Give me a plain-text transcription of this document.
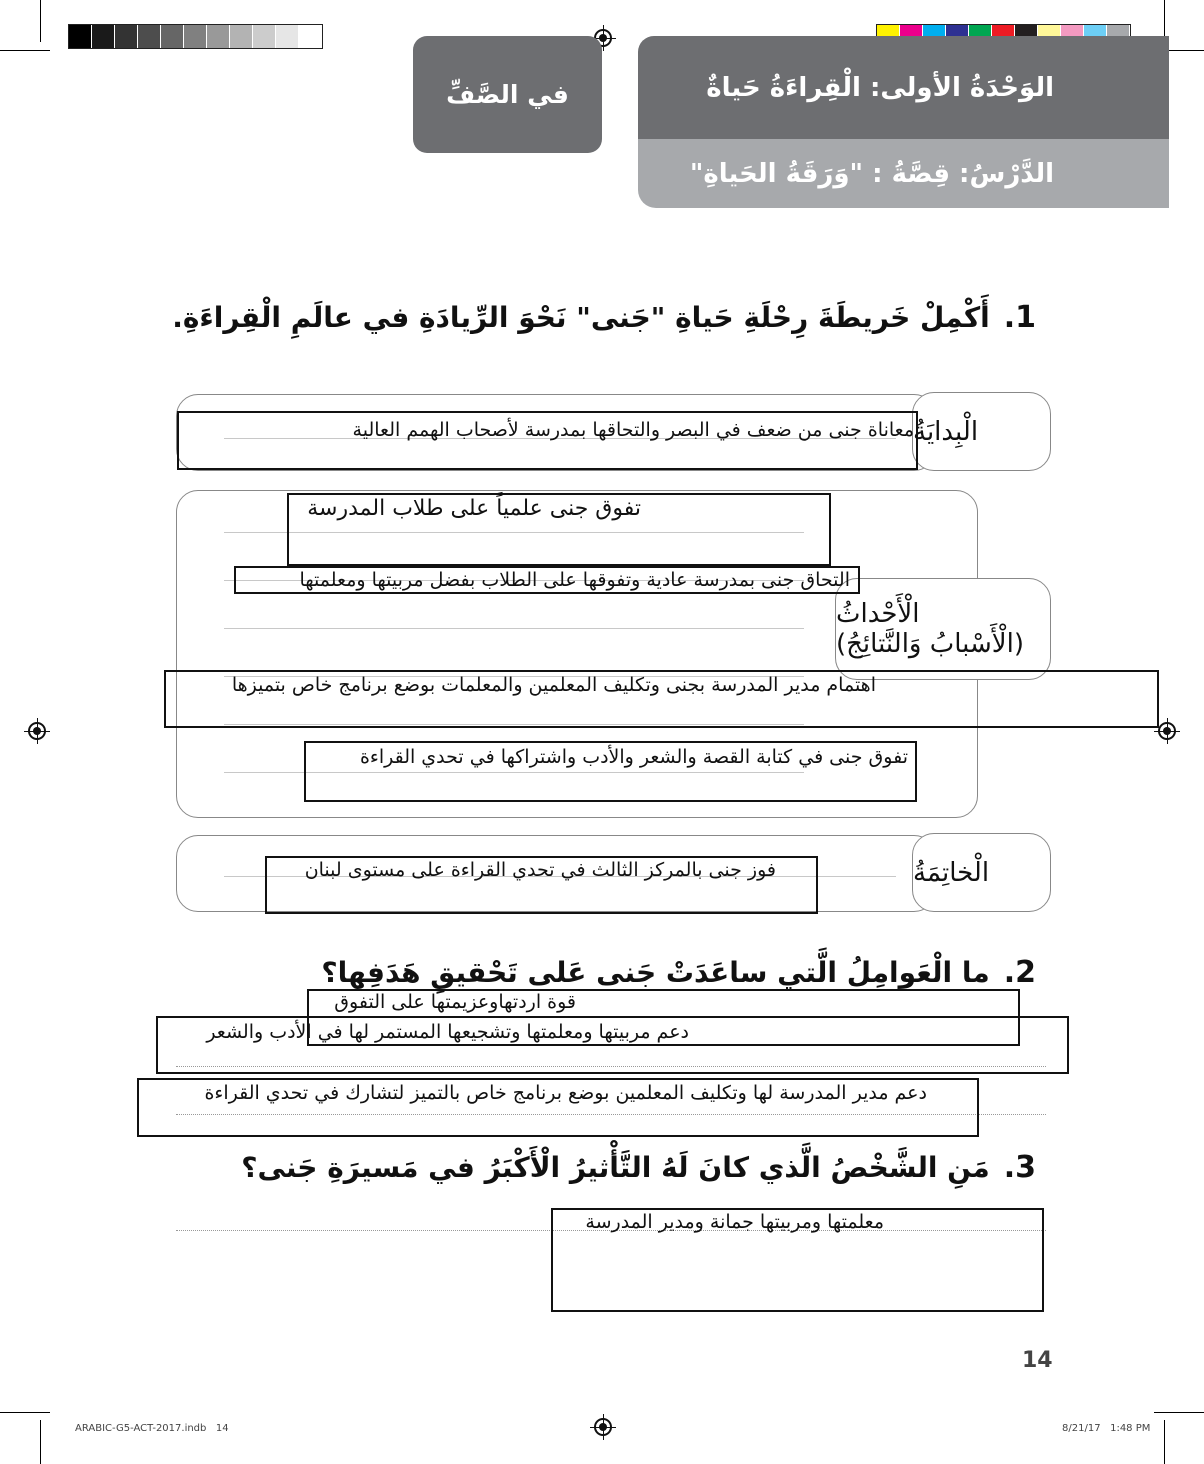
في الصَّفِّ	الوَحْدَةُ الأولى: الْقِراءَةُ حَياةٌ
الدَّرْسُ: قِصَّةُ : "وَرَقَةُ الحَياةِ"
1.
أَكْمِلْ خَريطَةَ رِحْلَةِ حَياةِ "جَنى" نَحْوَ الرِّيادَةِ في عالَمِ الْقِراءَةِ.
الْبِدايَةُ
معاناة جنى من ضعف في البصر والتحاقها بمدرسة لأصحاب الهمم العالية
الْأَحْداثُ
(الْأَسْبابُ وَالنَّتائِجُ)
تفوق جنى علمياً على طلاب المدرسة
التحاق جنى بمدرسة عادية وتفوقها على الطلاب بفضل مربيتها ومعلمتها
اهتمام مدير المدرسة بجنى وتكليف المعلمين والمعلمات بوضع برنامج خاص بتميزها
تفوق جنى في كتابة القصة والشعر والأدب واشتراكها في تحدي القراءة
الْخاتِمَةُ
فوز جنى بالمركز الثالث في تحدي القراءة على مستوى لبنان
2.
ما الْعَوامِلُ الَّتي ساعَدَتْ جَنى عَلى تَحْقيقِ هَدَفِها؟
قوة اردتهاوعزيمتها على التفوق
دعم مربيتها ومعلمتها وتشجيعها المستمر لها في الأدب والشعر
دعم مدير المدرسة لها وتكليف المعلمين بوضع برنامج خاص بالتميز لتشارك في تحدي القراءة
3.
مَنِ الشَّخْصُ الَّذي كانَ لَهُ التَّأْثيرُ الْأَكْبَرُ في مَسيرَةِ جَنى؟
معلمتها ومربيتها جمانة ومدير المدرسة
14
ARABIC-G5-ACT-2017.indb   14	8/21/17   1:48 PM
